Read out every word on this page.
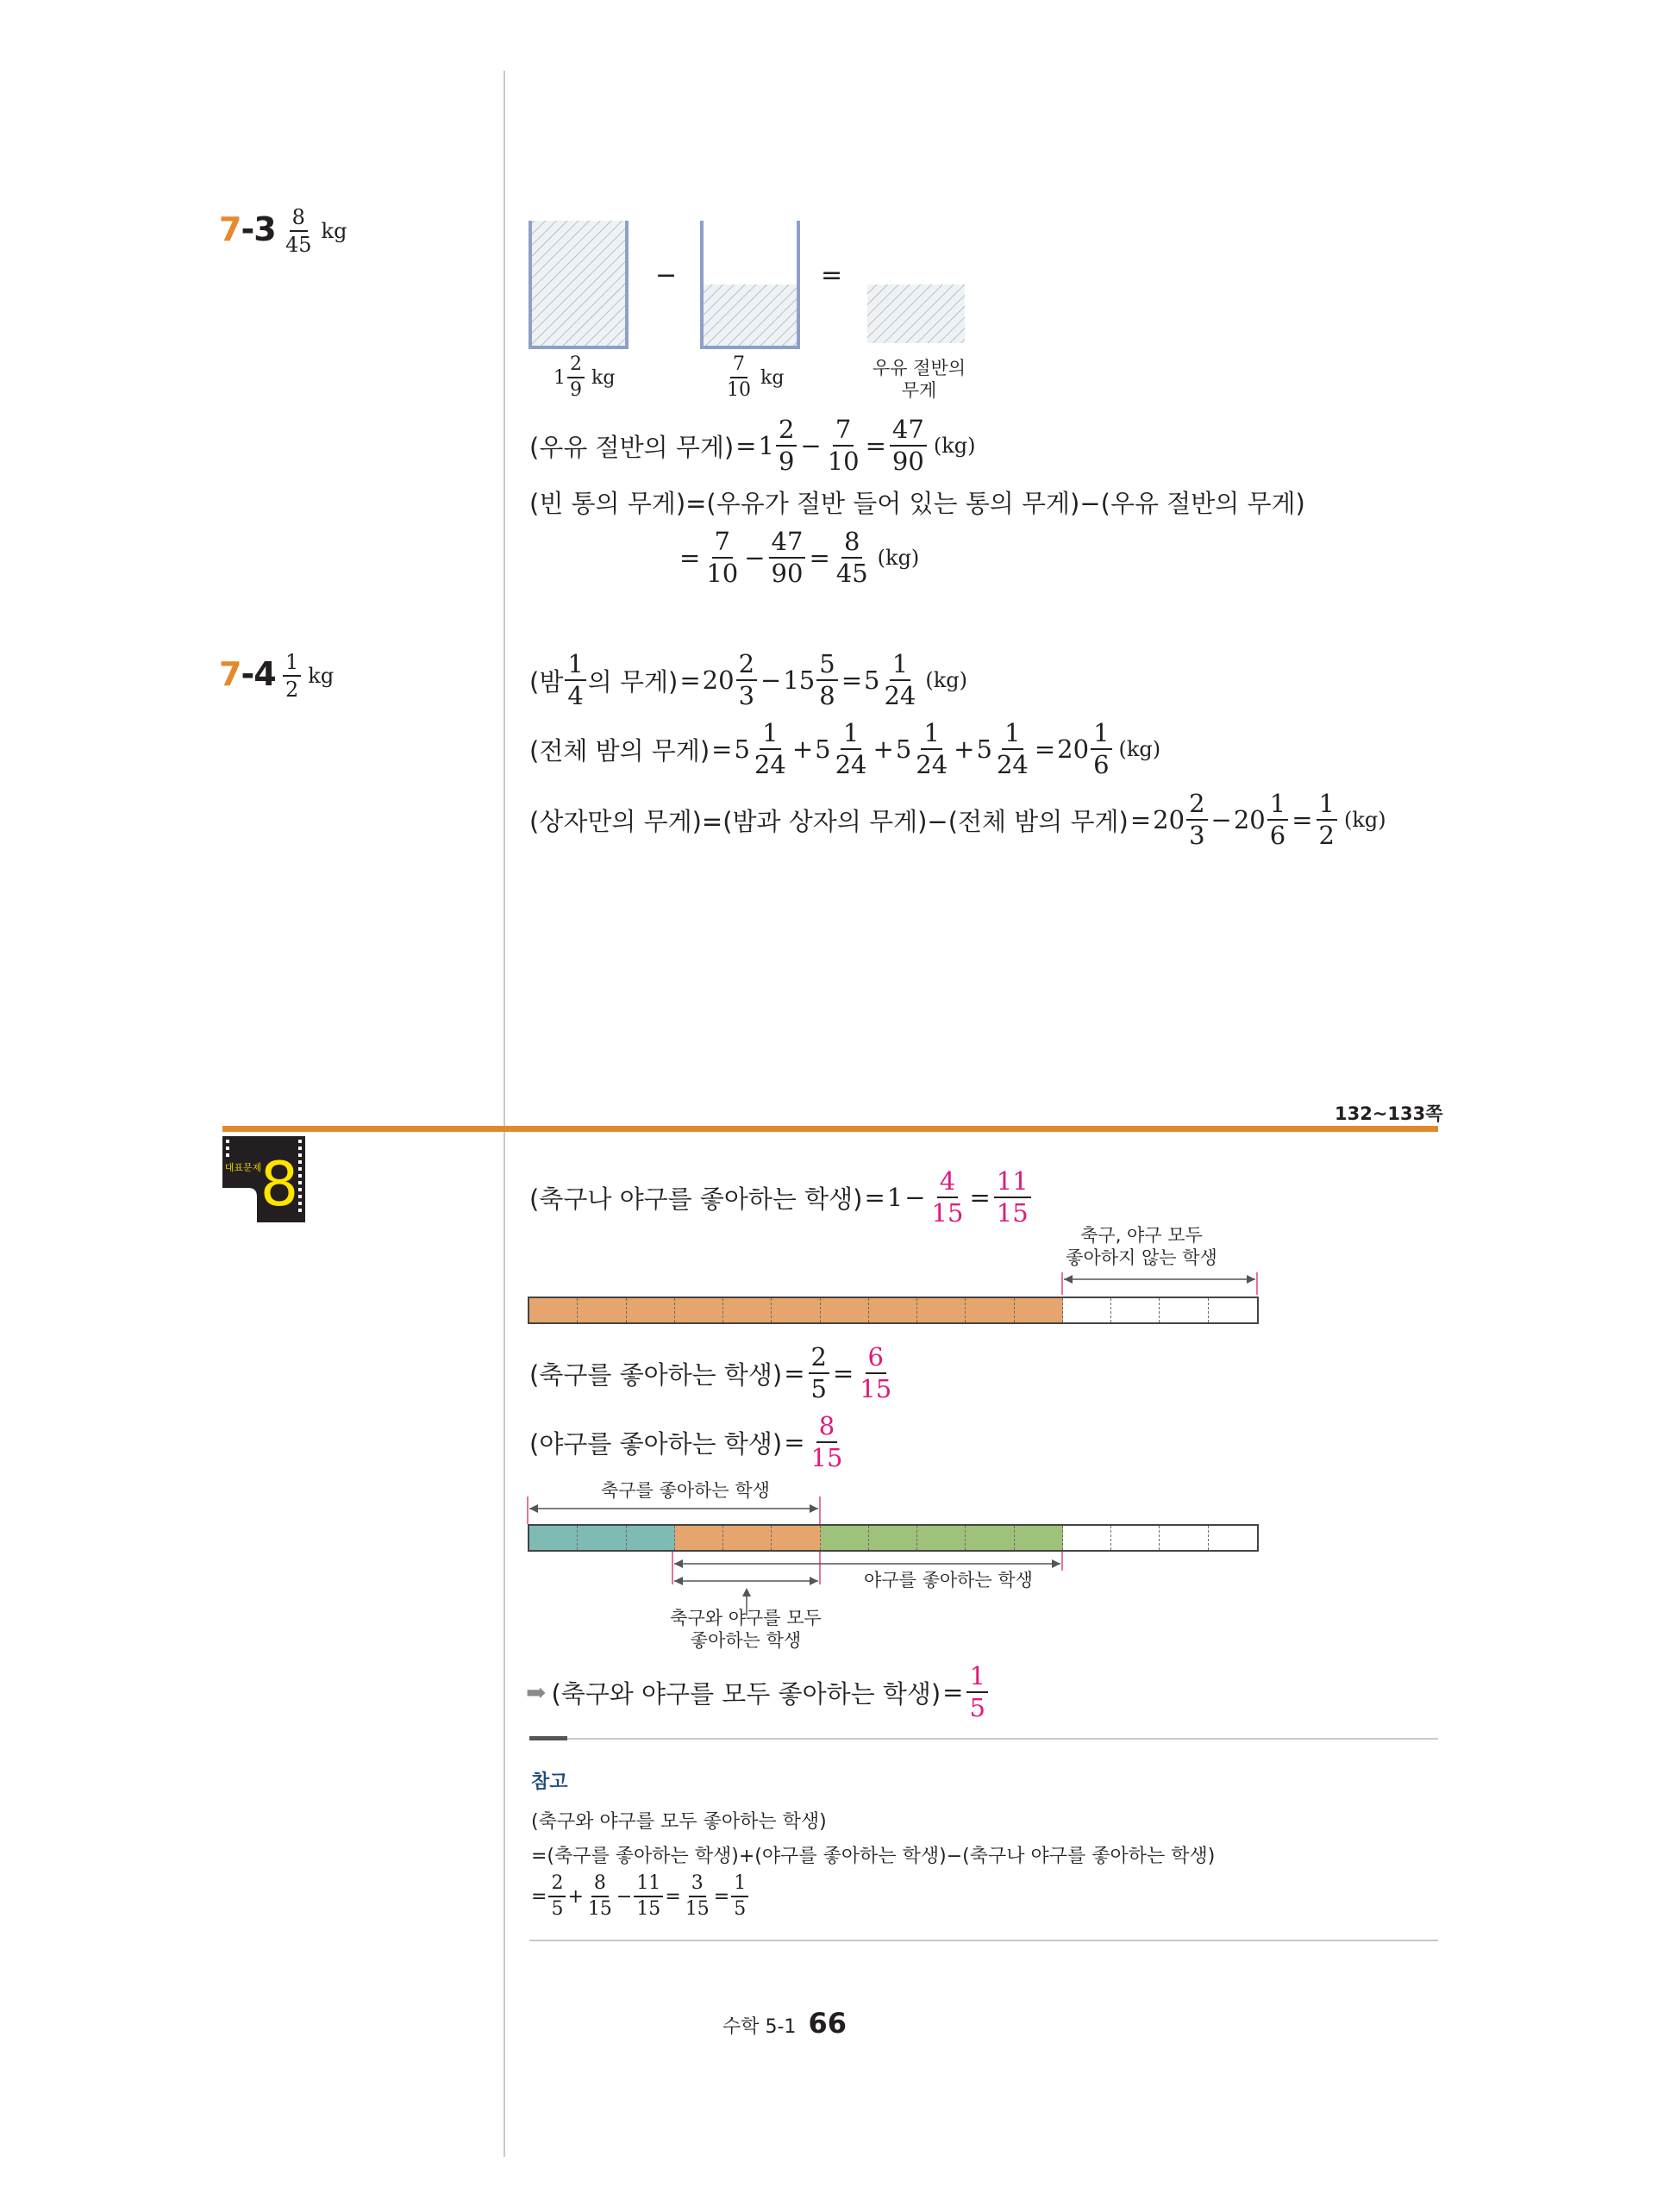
$7-3 \frac{8}{45}$ kg
−	=
$1 \frac{2}{9}$ kg	$\frac{7}{10}$ kg	우유 절반의
무게
(우유 절반의 무게) = $1 \frac{2}{9} - \frac{7}{10} = \frac{47}{90} (kg)$
(빈 통의 무게)=(우유가 절반 들어 있는 통의 무게)−(우유 절반의 무게)
= $\frac{7}{10} - \frac{47}{90} = \frac{8}{45} (kg)$
$7-4 \frac{1}{2}$ kg	(밤 $\frac{1}{4}$ 의 무게) = $20 \frac{2}{3} - 15 \frac{5}{8} = 5 \frac{1}{24} (kg)$
(전체 밤의 무게) = $5 \frac{1}{24} + 5 \frac{1}{24} + 5 \frac{1}{24} + 5 \frac{1}{24} = 20 \frac{1}{6} (kg)$
(상자만의 무게)=(밤과 상자의 무게)−(전체 밤의 무게) = $20 \frac{2}{3} - 20 \frac{1}{6} = \frac{1}{2} (kg)$
132~133쪽
대표문제
8	(축구나 야구를 좋아하는 학생) = $1 - \frac{4}{15} = \frac{11}{15}$
축구, 야구 모두
좋아하지 않는 학생
(축구를 좋아하는 학생) = $\frac{2}{5} = \frac{6}{15}$
(야구를 좋아하는 학생) = $\frac{8}{15}$
축구를 좋아하는 학생
야구를 좋아하는 학생
축구와 야구를 모두
좋아하는 학생
➡ (축구와 야구를 모두 좋아하는 학생) = $\frac{1}{5}$
참고
(축구와 야구를 모두 좋아하는 학생)
=(축구를 좋아하는 학생)+(야구를 좋아하는 학생)−(축구나 야구를 좋아하는 학생)
= $\frac{2}{5} + \frac{8}{15} - \frac{11}{15} = \frac{3}{15} = \frac{1}{5}$
수학 5-1 66
